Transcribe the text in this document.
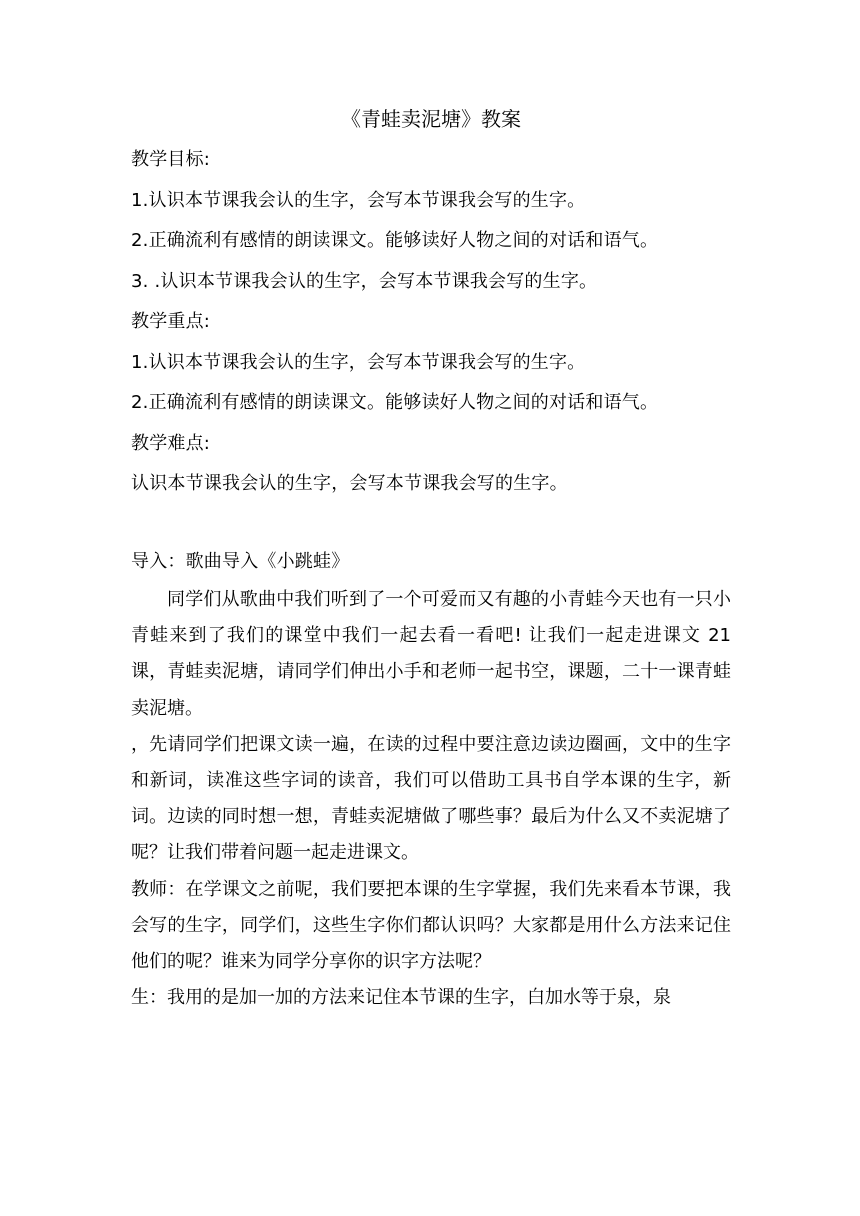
《青蛙卖泥塘》教案

教学目标:

1.认识本节课我会认的生字，会写本节课我会写的生字。

2.正确流利有感情的朗读课文。能够读好人物之间的对话和语气。

3. .认识本节课我会认的生字，会写本节课我会写的生字。

教学重点:

1.认识本节课我会认的生字，会写本节课我会写的生字。

2.正确流利有感情的朗读课文。能够读好人物之间的对话和语气。

教学难点:

认识本节课我会认的生字，会写本节课我会写的生字。

导入：歌曲导入《小跳蛙》

同学们从歌曲中我们听到了一个可爱而又有趣的小青蛙今天也有一只小青蛙来到了我们的课堂中我们一起去看一看吧! 让我们一起走进课文 21 课，青蛙卖泥塘，请同学们伸出小手和老师一起书空，课题，二十一课青蛙卖泥塘。

，先请同学们把课文读一遍，在读的过程中要注意边读边圈画，文中的生字和新词，读准这些字词的读音，我们可以借助工具书自学本课的生字，新词。边读的同时想一想，青蛙卖泥塘做了哪些事？最后为什么又不卖泥塘了呢？让我们带着问题一起走进课文。

教师：在学课文之前呢，我们要把本课的生字掌握，我们先来看本节课，我会写的生字，同学们，这些生字你们都认识吗？大家都是用什么方法来记住他们的呢？谁来为同学分享你的识字方法呢？

生：我用的是加一加的方法来记住本节课的生字，白加水等于泉，泉
